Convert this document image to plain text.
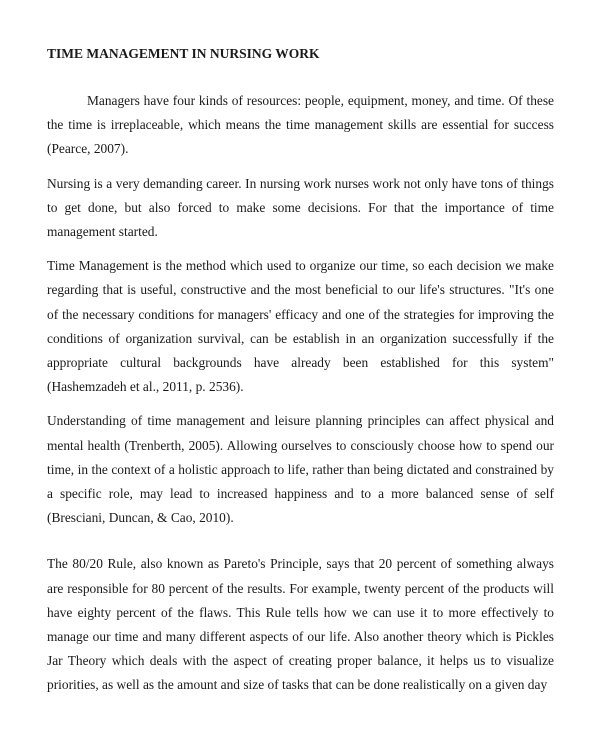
TIME MANAGEMENT IN NURSING WORK

Managers have four kinds of resources: people, equipment, money, and time. Of these the time is irreplaceable, which means the time management skills are essential for success (Pearce, 2007).

Nursing is a very demanding career. In nursing work nurses work not only have tons of things to get done, but also forced to make some decisions. For that the importance of time management started.

Time Management is the method which used to organize our time, so each decision we make regarding that is useful, constructive and the most beneficial to our life's structures. "It's one of the necessary conditions for managers' efficacy and one of the strategies for improving the conditions of organization survival, can be establish in an organization successfully if the appropriate cultural backgrounds have already been established for this system" (Hashemzadeh et al., 2011, p. 2536).

Understanding of time management and leisure planning principles can affect physical and mental health (Trenberth, 2005). Allowing ourselves to consciously choose how to spend our time, in the context of a holistic approach to life, rather than being dictated and constrained by a specific role, may lead to increased happiness and to a more balanced sense of self (Bresciani, Duncan, & Cao, 2010).

The 80/20 Rule, also known as Pareto's Principle, says that 20 percent of something always are responsible for 80 percent of the results. For example, twenty percent of the products will have eighty percent of the flaws. This Rule tells how we can use it to more effectively to manage our time and many different aspects of our life. Also another theory which is Pickles Jar Theory which deals with the aspect of creating proper balance, it helps us to visualize priorities, as well as the amount and size of tasks that can be done realistically on a given day
